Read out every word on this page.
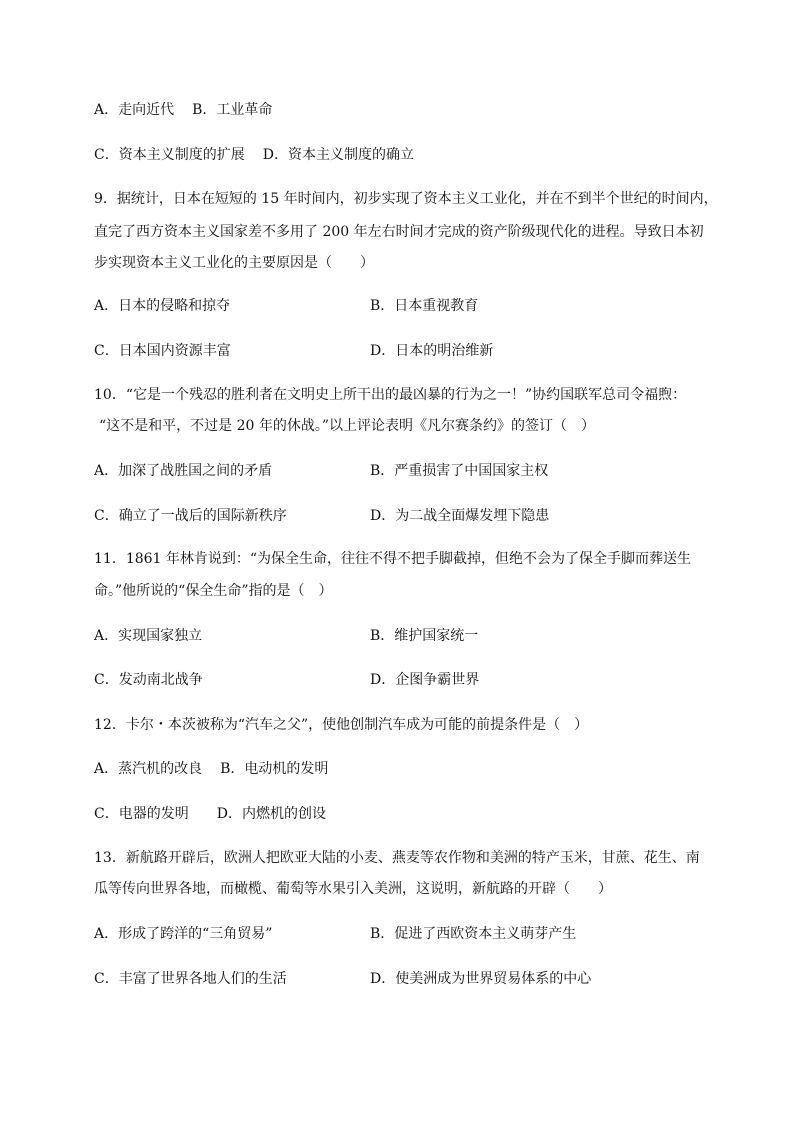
A．走向近代 B．工业革命
C．资本主义制度的扩展 D．资本主义制度的确立
9．据统计，日本在短短的 15 年时间内，初步实现了资本主义工业化，并在不到半个世纪的时间内，
直完了西方资本主义国家差不多用了 200 年左右时间才完成的资产阶级现代化的进程。导致日本初
步实现资本主义工业化的主要原因是（　　）
A．日本的侵略和掠夺	B．日本重视教育
C．日本国内资源丰富	D．日本的明治维新
10．“它是一个残忍的胜利者在文明史上所干出的最凶暴的行为之一！”协约国联军总司令福煦：
“这不是和平，不过是 20 年的休战。”以上评论表明《凡尔赛条约》的签订（　）
A．加深了战胜国之间的矛盾	B．严重损害了中国国家主权
C．确立了一战后的国际新秩序	D．为二战全面爆发埋下隐患
11．1861 年林肯说到：“为保全生命，往往不得不把手脚截掉，但绝不会为了保全手脚而葬送生
命。”他所说的“保全生命”指的是（　）
A．实现国家独立	B．维护国家统一
C．发动南北战争	D．企图争霸世界
12．卡尔・本茨被称为“汽车之父”，使他创制汽车成为可能的前提条件是（　）
A．蒸汽机的改良 B．电动机的发明
C．电器的发明 D．内燃机的创设
13．新航路开辟后，欧洲人把欧亚大陆的小麦、燕麦等农作物和美洲的特产玉米，甘蔗、花生、南
瓜等传向世界各地，而橄榄、葡萄等水果引入美洲，这说明，新航路的开辟（　　）
A．形成了跨洋的“三角贸易”	B．促进了西欧资本主义萌芽产生
C．丰富了世界各地人们的生活	D．使美洲成为世界贸易体系的中心
